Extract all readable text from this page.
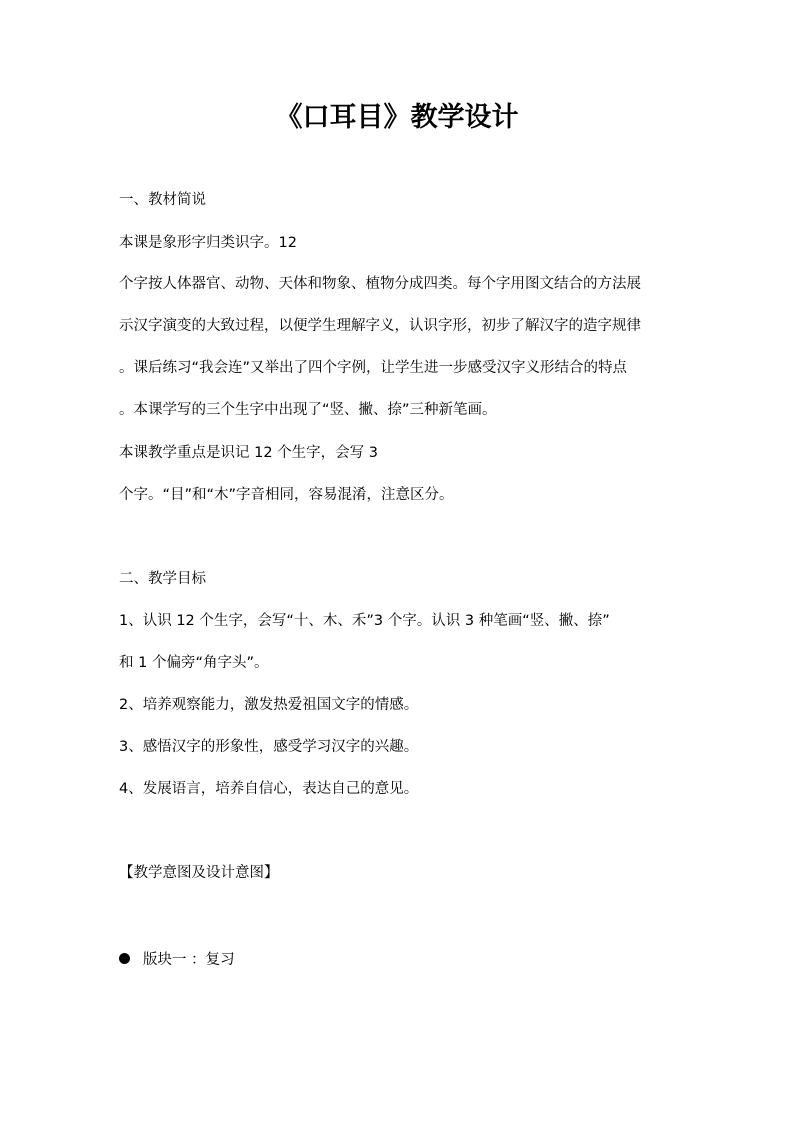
《口耳目》教学设计
一、教材简说
本课是象形字归类识字。12
个字按人体器官、动物、天体和物象、植物分成四类。每个字用图文结合的方法展
示汉字演变的大致过程，以便学生理解字义，认识字形，初步了解汉字的造字规律
。课后练习“我会连”又举出了四个字例，让学生进一步感受汉字义形结合的特点
。本课学写的三个生字中出现了“竖、撇、捺”三种新笔画。
本课教学重点是识记 12 个生字，会写 3
个字。“目”和“木”字音相同，容易混淆，注意区分。
二、教学目标
1、认识 12 个生字，会写“十、木、禾”3 个字。认识 3 种笔画“竖、撇、捺”
和 1 个偏旁“角字头”。
2、培养观察能力，激发热爱祖国文字的情感。
3、感悟汉字的形象性，感受学习汉字的兴趣。
4、发展语言，培养自信心，表达自己的意见。
【教学意图及设计意图】
版块一 ：复习
